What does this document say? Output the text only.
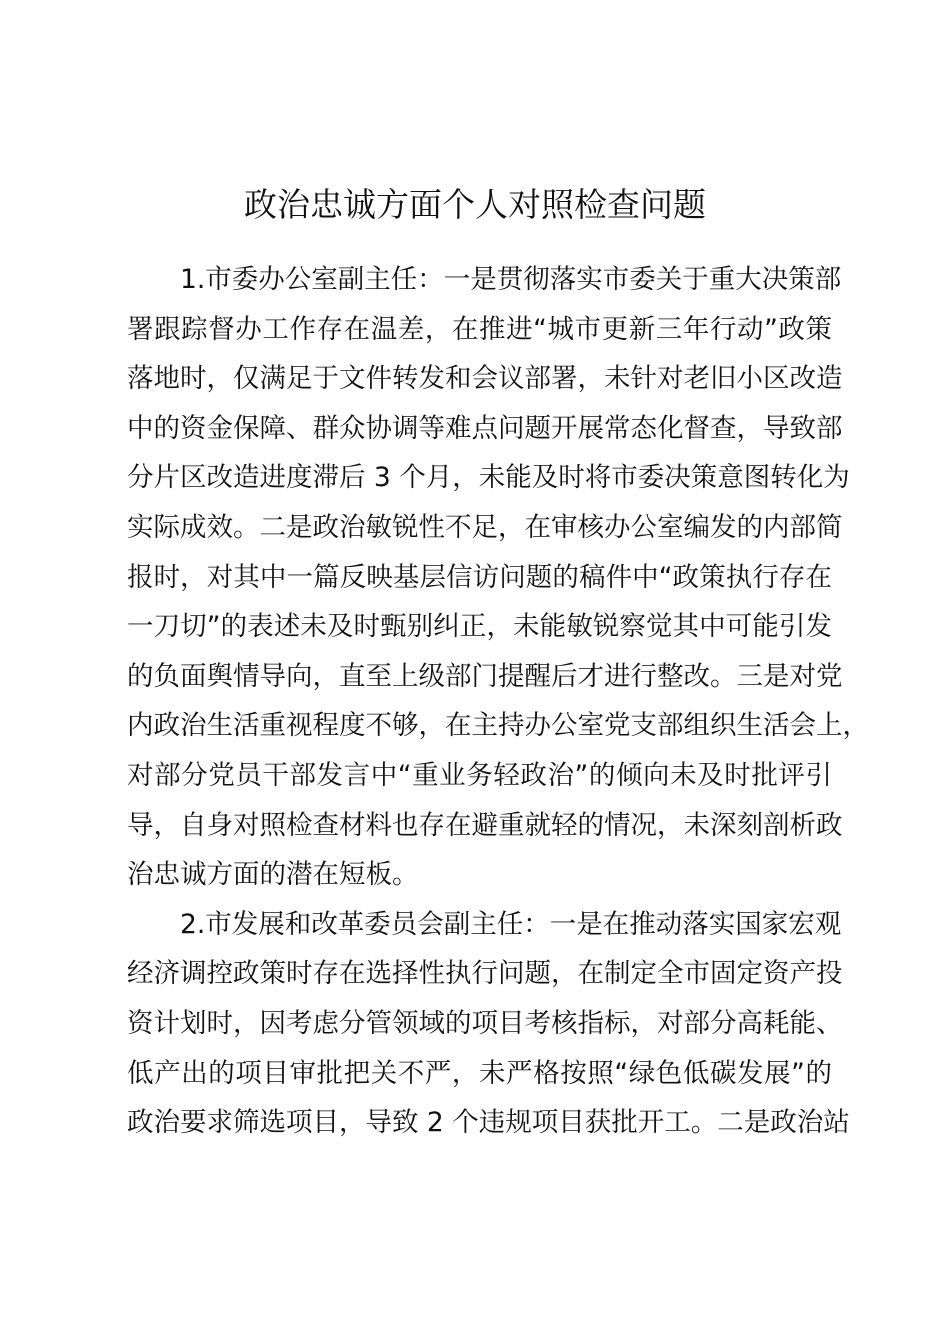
政治忠诚方面个人对照检查问题
1.市委办公室副主任：一是贯彻落实市委关于重大决策部
署跟踪督办工作存在温差，在推进“城市更新三年行动”政策
落地时，仅满足于文件转发和会议部署，未针对老旧小区改造
中的资金保障、群众协调等难点问题开展常态化督查，导致部
分片区改造进度滞后 3 个月，未能及时将市委决策意图转化为
实际成效。二是政治敏锐性不足，在审核办公室编发的内部简
报时，对其中一篇反映基层信访问题的稿件中“政策执行存在
一刀切”的表述未及时甄别纠正，未能敏锐察觉其中可能引发
的负面舆情导向，直至上级部门提醒后才进行整改。三是对党
内政治生活重视程度不够，在主持办公室党支部组织生活会上，
对部分党员干部发言中“重业务轻政治”的倾向未及时批评引
导，自身对照检查材料也存在避重就轻的情况，未深刻剖析政
治忠诚方面的潜在短板。
2.市发展和改革委员会副主任：一是在推动落实国家宏观
经济调控政策时存在选择性执行问题，在制定全市固定资产投
资计划时，因考虑分管领域的项目考核指标，对部分高耗能、
低产出的项目审批把关不严，未严格按照“绿色低碳发展”的
政治要求筛选项目，导致 2 个违规项目获批开工。二是政治站
